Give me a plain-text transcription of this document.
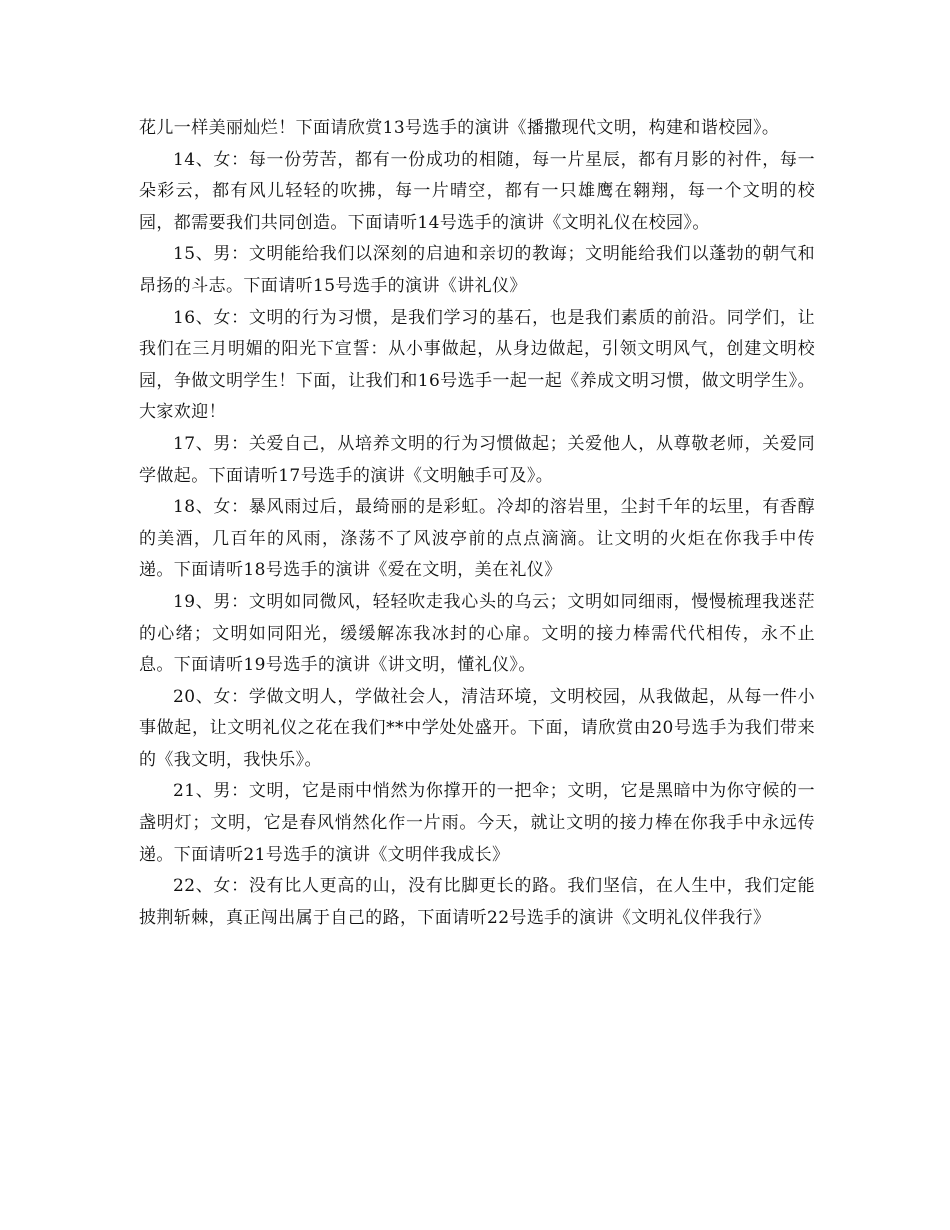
花儿一样美丽灿烂！下面请欣赏13号选手的演讲《播撒现代文明，构建和谐校园》。

14、女：每一份劳苦，都有一份成功的相随，每一片星辰，都有月影的衬件，每一朵彩云，都有风儿轻轻的吹拂，每一片晴空，都有一只雄鹰在翱翔，每一个文明的校园，都需要我们共同创造。下面请听14号选手的演讲《文明礼仪在校园》。

15、男：文明能给我们以深刻的启迪和亲切的教诲；文明能给我们以蓬勃的朝气和昂扬的斗志。下面请听15号选手的演讲《讲礼仪》

16、女：文明的行为习惯，是我们学习的基石，也是我们素质的前沿。同学们，让我们在三月明媚的阳光下宣誓：从小事做起，从身边做起，引领文明风气，创建文明校园，争做文明学生！下面，让我们和16号选手一起一起《养成文明习惯，做文明学生》。大家欢迎！

17、男：关爱自己，从培养文明的行为习惯做起；关爱他人，从尊敬老师，关爱同学做起。下面请听17号选手的演讲《文明触手可及》。

18、女：暴风雨过后，最绮丽的是彩虹。冷却的溶岩里，尘封千年的坛里，有香醇的美酒，几百年的风雨，涤荡不了风波亭前的点点滴滴。让文明的火炬在你我手中传递。下面请听18号选手的演讲《爱在文明，美在礼仪》

19、男：文明如同微风，轻轻吹走我心头的乌云；文明如同细雨，慢慢梳理我迷茫的心绪；文明如同阳光，缓缓解冻我冰封的心扉。文明的接力棒需代代相传，永不止息。下面请听19号选手的演讲《讲文明，懂礼仪》。

20、女：学做文明人，学做社会人，清洁环境，文明校园，从我做起，从每一件小事做起，让文明礼仪之花在我们**中学处处盛开。下面，请欣赏由20号选手为我们带来的《我文明，我快乐》。

21、男：文明，它是雨中悄然为你撑开的一把伞；文明，它是黑暗中为你守候的一盏明灯；文明，它是春风悄然化作一片雨。今天，就让文明的接力棒在你我手中永远传递。下面请听21号选手的演讲《文明伴我成长》

22、女：没有比人更高的山，没有比脚更长的路。我们坚信，在人生中，我们定能披荆斩棘，真正闯出属于自己的路，下面请听22号选手的演讲《文明礼仪伴我行》
